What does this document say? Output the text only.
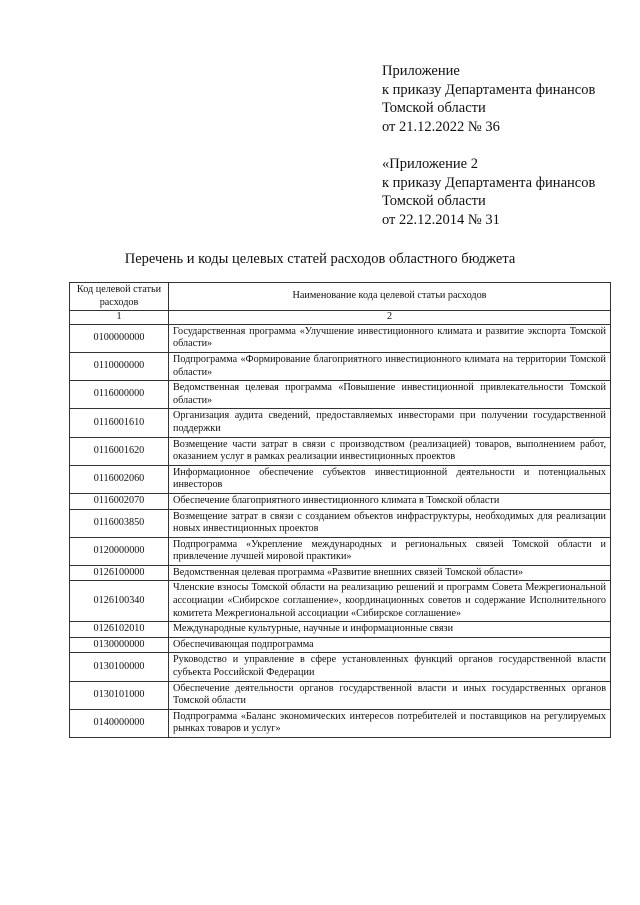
Приложение
к приказу Департамента финансов
Томской области
от 21.12.2022 № 36
«Приложение 2
к приказу Департамента финансов
Томской области
от 22.12.2014 № 31
Перечень и коды целевых статей расходов областного бюджета
Код целевой статьи расходов	Наименование кода целевой статьи расходов
1	2
0100000000	Государственная программа «Улучшение инвестиционного климата и развитие экспорта Томской области»
0110000000	Подпрограмма «Формирование благоприятного инвестиционного климата на территории Томской области»
0116000000	Ведомственная целевая программа «Повышение инвестиционной привлекательности Томской области»
0116001610	Организация аудита сведений, предоставляемых инвесторами при получении государственной поддержки
0116001620	Возмещение части затрат в связи с производством (реализацией) товаров, выполнением работ, оказанием услуг в рамках реализации инвестиционных проектов
0116002060	Информационное обеспечение субъектов инвестиционной деятельности и потенциальных инвесторов
0116002070	Обеспечение благоприятного инвестиционного климата в Томской области
0116003850	Возмещение затрат в связи с созданием объектов инфраструктуры, необходимых для реализации новых инвестиционных проектов
0120000000	Подпрограмма «Укрепление международных и региональных связей Томской области и привлечение лучшей мировой практики»
0126100000	Ведомственная целевая программа «Развитие внешних связей Томской области»
0126100340	Членские взносы Томской области на реализацию решений и программ Совета Межрегиональной ассоциации «Сибирское соглашение», координационных советов и содержание Исполнительного комитета Межрегиональной ассоциации «Сибирское соглашение»
0126102010	Международные культурные, научные и информационные связи
0130000000	Обеспечивающая подпрограмма
0130100000	Руководство и управление в сфере установленных функций органов государственной власти субъекта Российской Федерации
0130101000	Обеспечение деятельности органов государственной власти и иных государственных органов Томской области
0140000000	Подпрограмма «Баланс экономических интересов потребителей и поставщиков на регулируемых рынках товаров и услуг»
